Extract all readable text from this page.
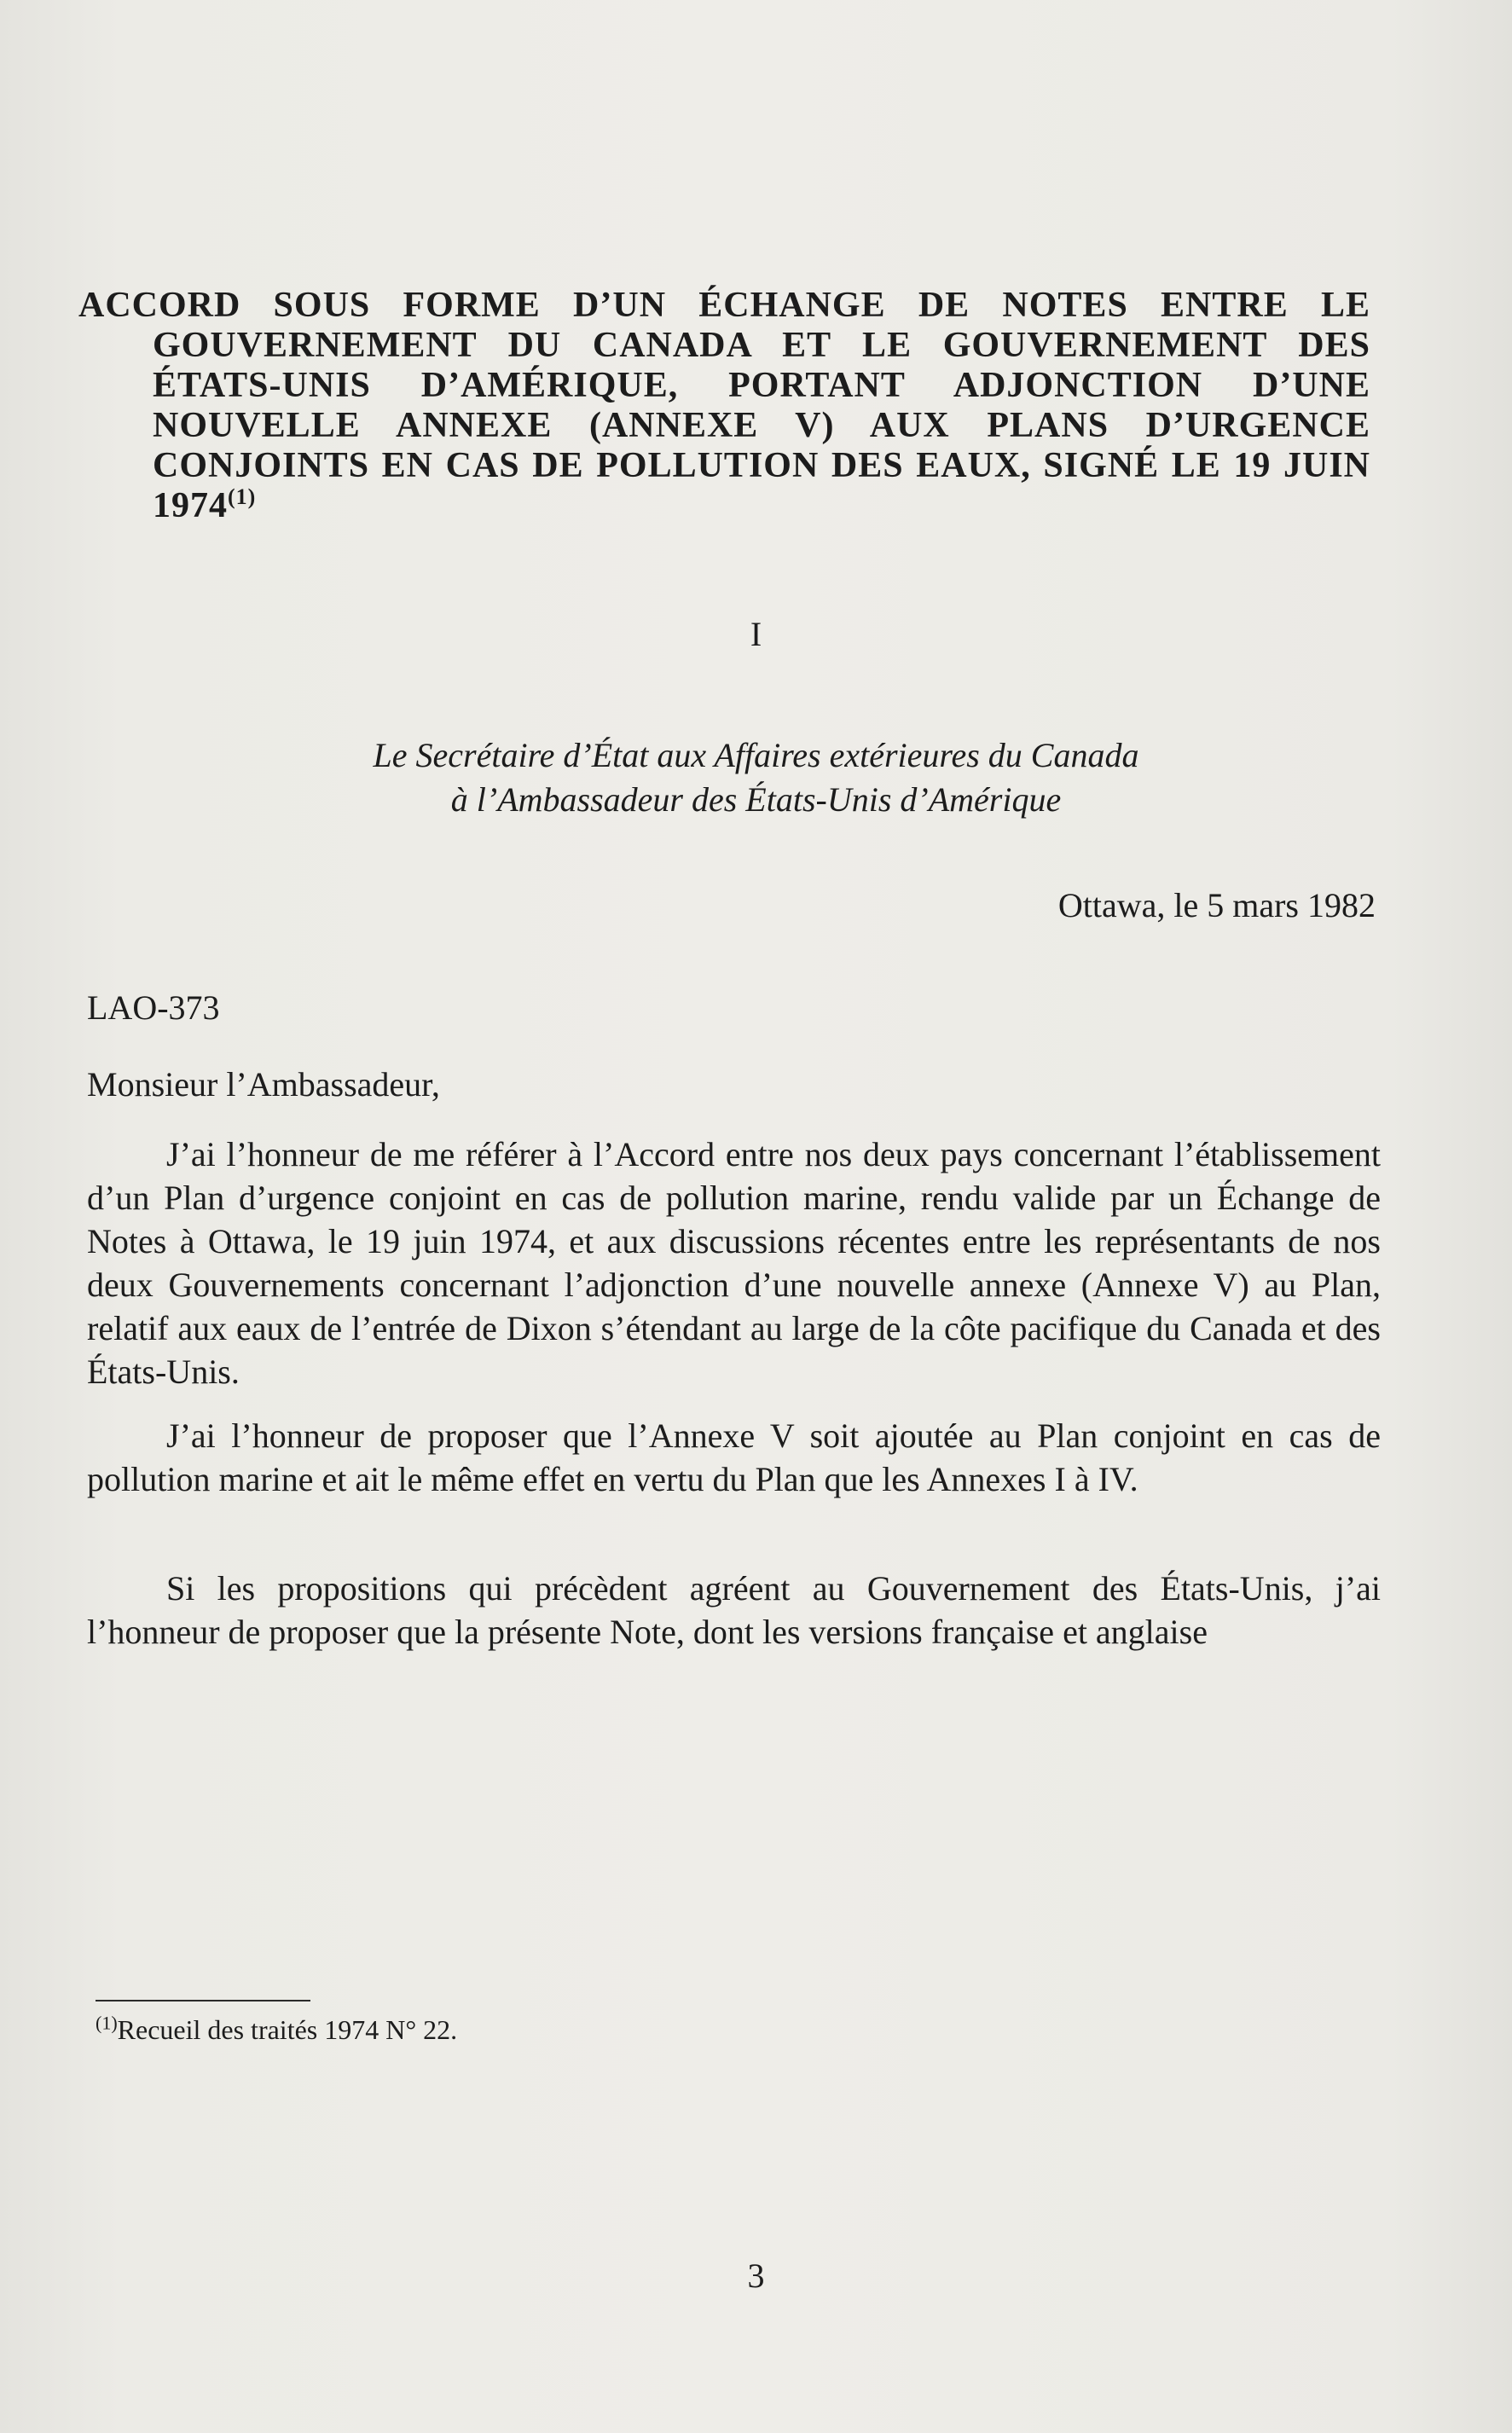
ACCORD SOUS FORME D’UN ÉCHANGE DE NOTES ENTRE LE
GOUVERNEMENT DU CANADA ET LE GOUVERNEMENT DES
ÉTATS-UNIS D’AMÉRIQUE, PORTANT ADJONCTION D’UNE
NOUVELLE ANNEXE (ANNEXE V) AUX PLANS D’URGENCE
CONJOINTS EN CAS DE POLLUTION DES EAUX, SIGNÉ LE 19 JUIN
1974$^{(1)}$
I
Le Secrétaire d’État aux Affaires extérieures du Canada
à l’Ambassadeur des États-Unis d’Amérique
Ottawa, le 5 mars 1982
LAO-373
Monsieur l’Ambassadeur,

J’ai l’honneur de me référer à l’Accord entre nos deux pays concernant l’établissement d’un Plan d’urgence conjoint en cas de pollution marine, rendu valide par un Échange de Notes à Ottawa, le 19 juin 1974, et aux discussions récentes entre les représentants de nos deux Gouvernements concernant l’adjonction d’une nouvelle annexe (Annexe V) au Plan, relatif aux eaux de l’entrée de Dixon s’étendant au large de la côte pacifique du Canada et des États-Unis.

J’ai l’honneur de proposer que l’Annexe V soit ajoutée au Plan conjoint en cas de pollution marine et ait le même effet en vertu du Plan que les Annexes I à IV.

Si les propositions qui précèdent agréent au Gouvernement des États-Unis, j’ai l’honneur de proposer que la présente Note, dont les versions française et anglaise

$^{(1)}$Recueil des traités 1974 N° 22.
3
